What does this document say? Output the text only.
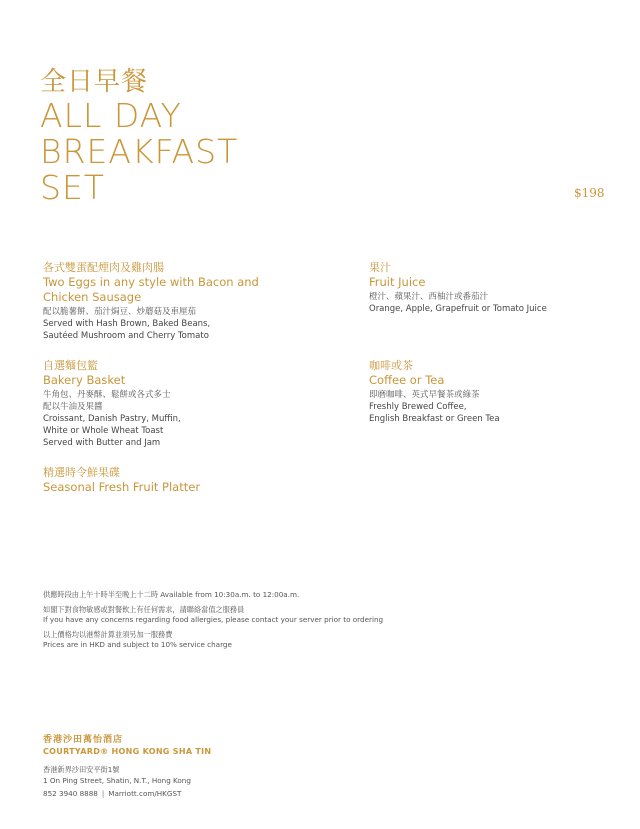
全日早餐
ALL DAY
BREAKFAST
SET	$198
各式雙蛋配煙肉及雞肉腸
Two Eggs in any style with Bacon and
Chicken Sausage
配以脆薯餅、茄汁焗豆、炒蘑菇及車厘茄
Served with Hash Brown, Baked Beans,
Sautéed Mushroom and Cherry Tomato
自選麵包籃
Bakery Basket
牛角包、丹麥酥、鬆餅或各式多士
配以牛油及果醬
Croissant, Danish Pastry, Muffin,
White or Whole Wheat Toast
Served with Butter and Jam
精選時令鮮果碟
Seasonal Fresh Fruit Platter
果汁
Fruit Juice
橙汁、蘋果汁、西柚汁或番茄汁
Orange, Apple, Grapefruit or Tomato Juice
咖啡或茶
Coffee or Tea
即磨咖啡、英式早餐茶或綠茶
Freshly Brewed Coffee,
English Breakfast or Green Tea
供應時段由上午十時半至晚上十二時 Available from 10:30a.m. to 12:00a.m.
如閣下對食物敏感或對餐飲上有任何需求，請聯絡當值之服務員
If you have any concerns regarding food allergies, please contact your server prior to ordering
以上價格均以港幣計算並須另加一服務費
Prices are in HKD and subject to 10% service charge
香港沙田萬怡酒店
COURTYARD® HONG KONG SHA TIN
香港新界沙田安平街1號
1 On Ping Street, Shatin, N.T., Hong Kong
852 3940 8888 | Marriott.com/HKGST
